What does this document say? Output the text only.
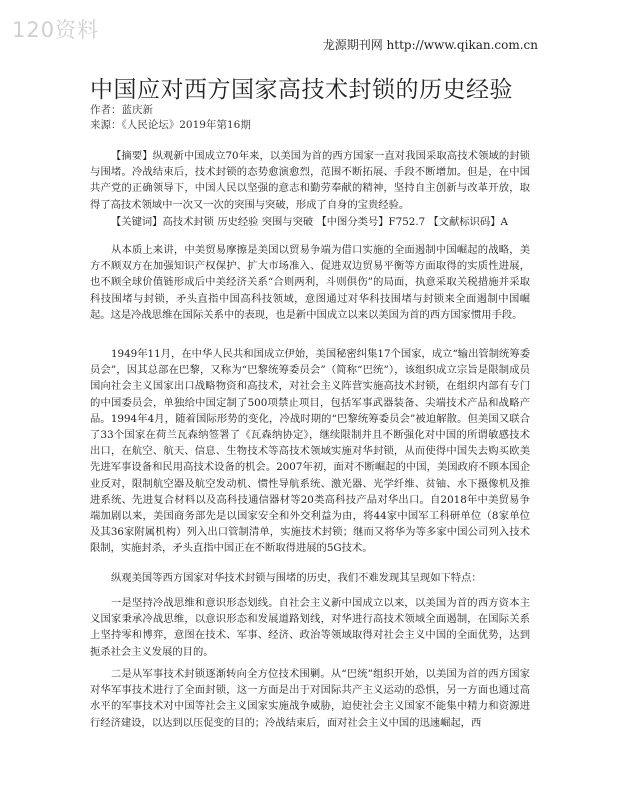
120资料
龙源期刊网 http://www.qikan.com.cn
中国应对西方国家高技术封锁的历史经验
作者：蓝庆新
来源：《人民论坛》2019年第16期

【摘要】纵观新中国成立70年来，以美国为首的西方国家一直对我国采取高技术领域的封锁与围堵。冷战结束后，技术封锁的态势愈演愈烈，范围不断拓展、手段不断增加。但是，在中国共产党的正确领导下，中国人民以坚强的意志和勤劳奉献的精神，坚持自主创新与改革开放，取得了高技术领域中一次又一次的突围与突破，形成了自身的宝贵经验。

【关键词】高技术封锁 历史经验 突围与突破 【中图分类号】F752.7 【文献标识码】A

从本质上来讲，中美贸易摩擦是美国以贸易争端为借口实施的全面遏制中国崛起的战略，美方不顾双方在加强知识产权保护、扩大市场准入、促进双边贸易平衡等方面取得的实质性进展，也不顾全球价值链形成后中美经济关系“合则两利，斗则俱伤”的局面，执意采取关税措施并采取科技围堵与封锁，矛头直指中国高科技领域，意图通过对华科技围堵与封锁来全面遏制中国崛起。这是冷战思维在国际关系中的表现，也是新中国成立以来以美国为首的西方国家惯用手段。

1949年11月，在中华人民共和国成立伊始，美国秘密纠集17个国家，成立“输出管制统筹委员会”，因其总部在巴黎，又称为“巴黎统筹委员会”（简称“巴统”），该组织成立宗旨是限制成员国向社会主义国家出口战略物资和高技术，对社会主义阵营实施高技术封锁，在组织内部有专门的中国委员会，单独给中国定制了500项禁止项目，包括军事武器装备、尖端技术产品和战略产品。1994年4月，随着国际形势的变化，冷战时期的“巴黎统筹委员会”被迫解散。但美国又联合了33个国家在荷兰瓦森纳签署了《瓦森纳协定》，继续限制并且不断强化对中国的所谓敏感技术出口，在航空、航天、信息、生物技术等高技术领域实施对华封锁，从而使得中国失去购买欧美先进军事设备和民用高技术设备的机会。2007年初，面对不断崛起的中国，美国政府不顾本国企业反对，限制航空器及航空发动机、惯性导航系统、激光器、光学纤维、贫铀、水下摄像机及推进系统、先进复合材料以及高科技通信器材等20类高科技产品对华出口。自2018年中美贸易争端加剧以来，美国商务部先是以国家安全和外交利益为由，将44家中国军工科研单位（8家单位及其36家附属机构）列入出口管制清单，实施技术封锁；继而又将华为等多家中国公司列入技术限制，实施封杀，矛头直指中国正在不断取得进展的5G技术。

纵观美国等西方国家对华技术封锁与围堵的历史，我们不难发现其呈现如下特点：

一是坚持冷战思维和意识形态划线。自社会主义新中国成立以来，以美国为首的西方资本主义国家秉承冷战思维，以意识形态和发展道路划线，对华进行高技术领域全面遏制，在国际关系上坚持零和博弈，意图在技术、军事、经济、政治等领域取得对社会主义中国的全面优势，达到扼杀社会主义发展的目的。

二是从军事技术封锁逐渐转向全方位技术围剿。从“巴统”组织开始，以美国为首的西方国家对华军事技术进行了全面封锁，这一方面是出于对国际共产主义运动的恐惧，另一方面也通过高水平的军事技术对中国等社会主义国家实施战争威胁，迫使社会主义国家不能集中精力和资源进行经济建设，以达到以压促变的目的；冷战结束后，面对社会主义中国的迅速崛起，西
